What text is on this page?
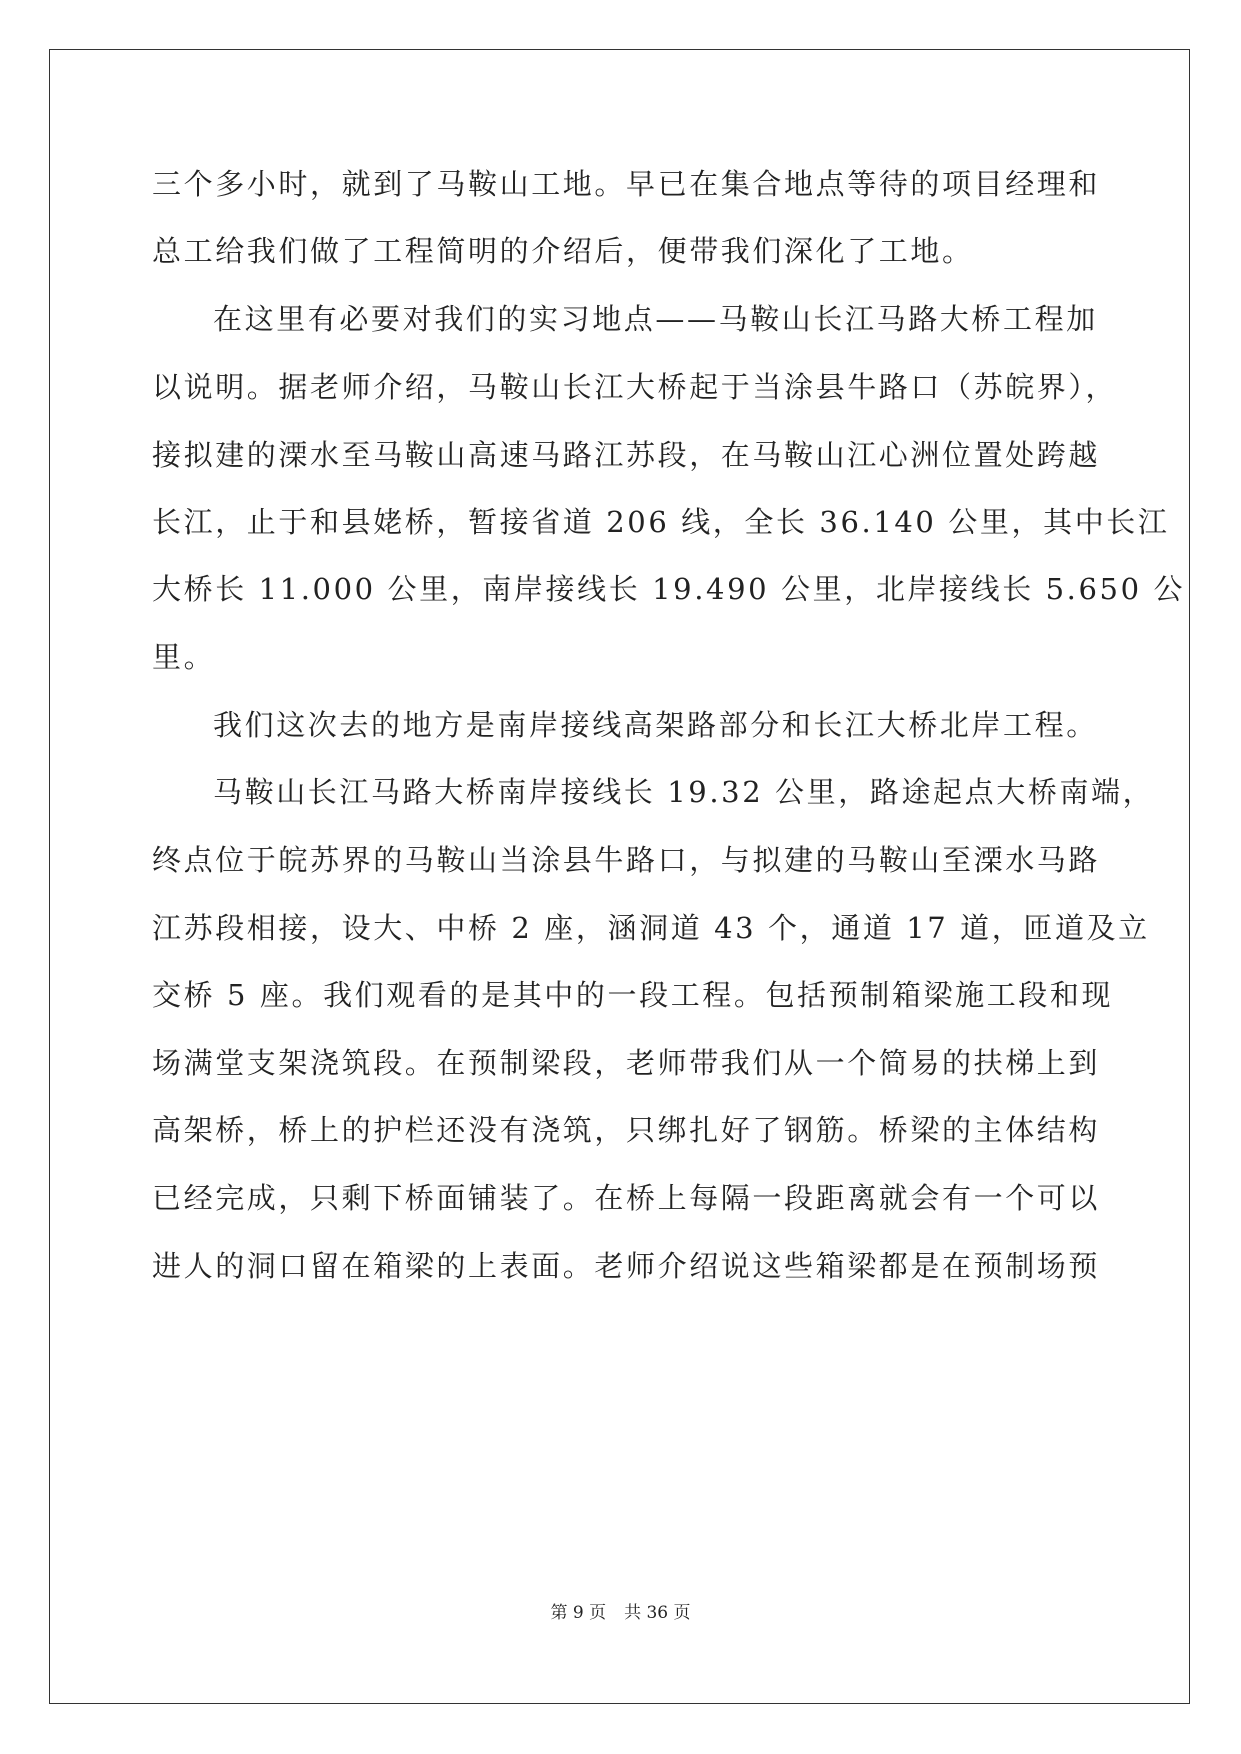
三个多小时，就到了马鞍山工地。早已在集合地点等待的项目经理和
总工给我们做了工程简明的介绍后，便带我们深化了工地。
在这里有必要对我们的实习地点——马鞍山长江马路大桥工程加
以说明。据老师介绍，马鞍山长江大桥起于当涂县牛路口（苏皖界），
接拟建的溧水至马鞍山高速马路江苏段，在马鞍山江心洲位置处跨越
长江，止于和县姥桥，暂接省道 206 线，全长 36.140 公里，其中长江
大桥长 11.000 公里，南岸接线长 19.490 公里，北岸接线长 5.650 公
里。
我们这次去的地方是南岸接线高架路部分和长江大桥北岸工程。
马鞍山长江马路大桥南岸接线长 19.32 公里，路途起点大桥南端，
终点位于皖苏界的马鞍山当涂县牛路口，与拟建的马鞍山至溧水马路
江苏段相接，设大、中桥 2 座，涵洞道 43 个，通道 17 道，匝道及立
交桥 5 座。我们观看的是其中的一段工程。包括预制箱梁施工段和现
场满堂支架浇筑段。在预制梁段，老师带我们从一个简易的扶梯上到
高架桥，桥上的护栏还没有浇筑，只绑扎好了钢筋。桥梁的主体结构
已经完成，只剩下桥面铺装了。在桥上每隔一段距离就会有一个可以
进人的洞口留在箱梁的上表面。老师介绍说这些箱梁都是在预制场预
第 9 页 共 36 页
